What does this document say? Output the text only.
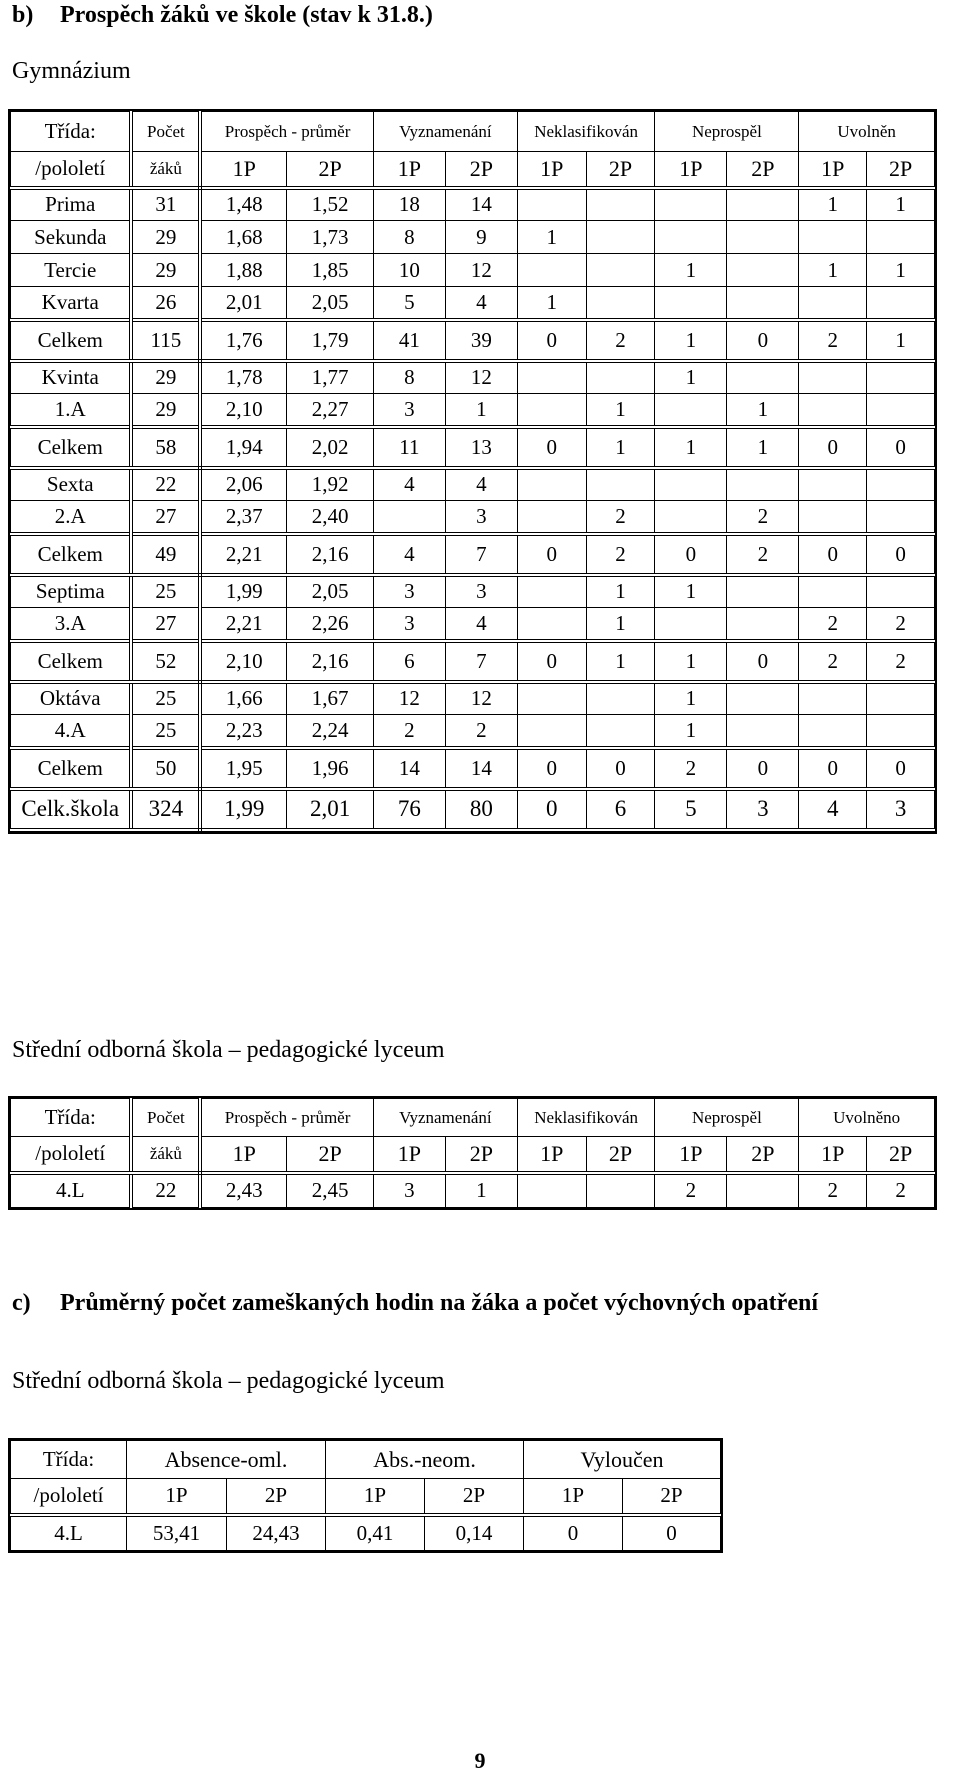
b) Prospěch žáků ve škole (stav k 31.8.)

Gymnázium

Třída:	Počet	Prospěch - průměr		Vyznamenání		Neklasifikován		Neprospěl		Uvolněn	
/pololetí	žáků	1P	2P	1P	2P	1P	2P	1P	2P	1P	2P
Prima	31	1,48	1,52	18	14					1	1
Sekunda	29	1,68	1,73	8	9	1					
Tercie	29	1,88	1,85	10	12			1		1	1
Kvarta	26	2,01	2,05	5	4	1					
Celkem	115	1,76	1,79	41	39	0	2	1	0	2	1
Kvinta	29	1,78	1,77	8	12			1			
1.A	29	2,10	2,27	3	1		1		1		
Celkem	58	1,94	2,02	11	13	0	1	1	1	0	0
Sexta	22	2,06	1,92	4	4						
2.A	27	2,37	2,40		3		2		2		
Celkem	49	2,21	2,16	4	7	0	2	0	2	0	0
Septima	25	1,99	2,05	3	3		1	1			
3.A	27	2,21	2,26	3	4		1			2	2
Celkem	52	2,10	2,16	6	7	0	1	1	0	2	2
Oktáva	25	1,66	1,67	12	12			1			
4.A	25	2,23	2,24	2	2			1			
Celkem	50	1,95	1,96	14	14	0	0	2	0	0	0
Celk.škola	324	1,99	2,01	76	80	0	6	5	3	4	3

Střední odborná škola – pedagogické lyceum

Třída:	Počet	Prospěch - průměr		Vyznamenání		Neklasifikován		Neprospěl		Uvolněno	
/pololetí	žáků	1P	2P	1P	2P	1P	2P	1P	2P	1P	2P
4.L	22	2,43	2,45	3	1			2		2	2

c) Průměrný počet zameškaných hodin na žáka a počet výchovných opatření

Střední odborná škola – pedagogické lyceum

Třída:	Absence-oml.		Abs.-neom.		Vyloučen	
/pololetí	1P	2P	1P	2P	1P	2P
4.L	53,41	24,43	0,41	0,14	0	0
9
